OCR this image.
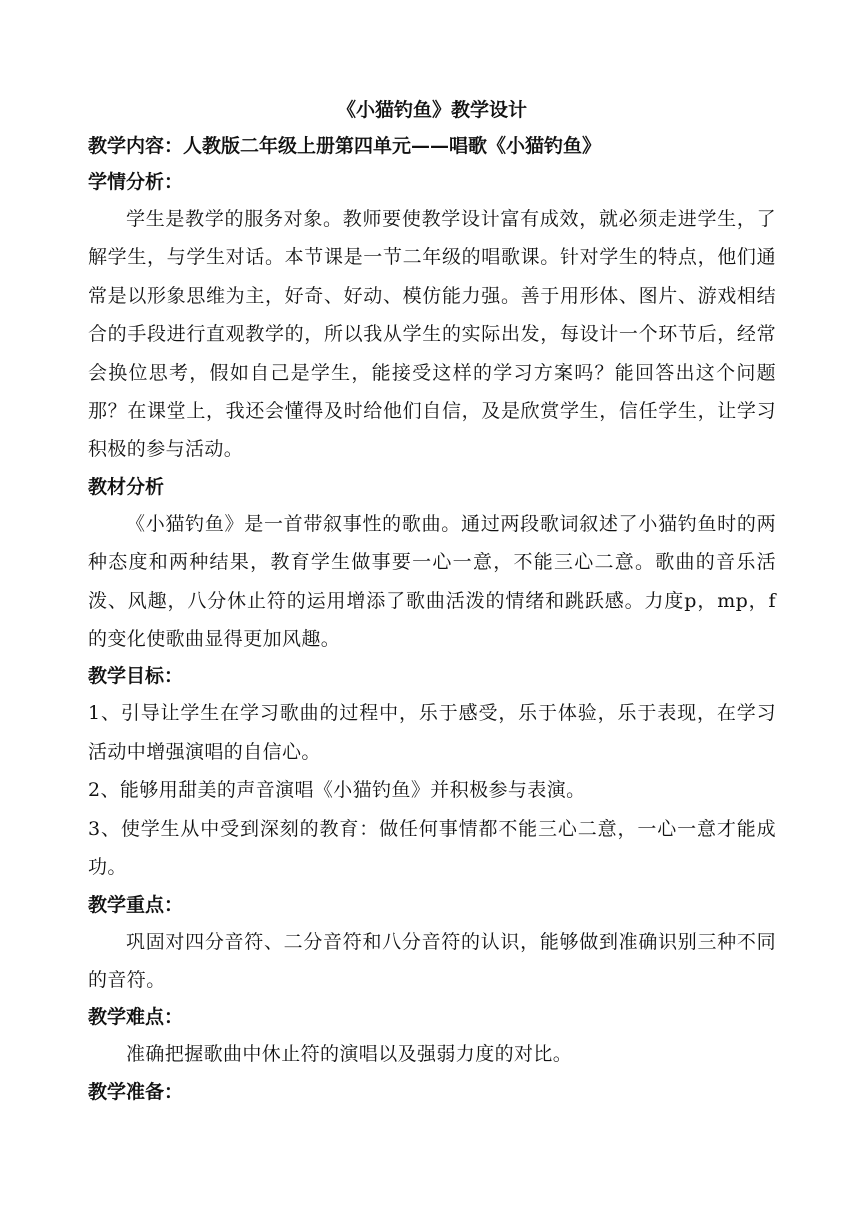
《小猫钓鱼》教学设计

教学内容：人教版二年级上册第四单元——唱歌《小猫钓鱼》

学情分析：

学生是教学的服务对象。教师要使教学设计富有成效，就必须走进学生，了解学生，与学生对话。本节课是一节二年级的唱歌课。针对学生的特点，他们通常是以形象思维为主，好奇、好动、模仿能力强。善于用形体、图片、游戏相结合的手段进行直观教学的，所以我从学生的实际出发，每设计一个环节后，经常会换位思考，假如自己是学生，能接受这样的学习方案吗？能回答出这个问题那？在课堂上，我还会懂得及时给他们自信，及是欣赏学生，信任学生，让学习积极的参与活动。

教材分析

《小猫钓鱼》是一首带叙事性的歌曲。通过两段歌词叙述了小猫钓鱼时的两种态度和两种结果，教育学生做事要一心一意，不能三心二意。歌曲的音乐活泼、风趣，八分休止符的运用增添了歌曲活泼的情绪和跳跃感。力度p，mp，f的变化使歌曲显得更加风趣。

教学目标：

1、引导让学生在学习歌曲的过程中，乐于感受，乐于体验，乐于表现，在学习活动中增强演唱的自信心。

2、能够用甜美的声音演唱《小猫钓鱼》并积极参与表演。

3、使学生从中受到深刻的教育：做任何事情都不能三心二意，一心一意才能成功。

教学重点：

巩固对四分音符、二分音符和八分音符的认识，能够做到准确识别三种不同的音符。

教学难点：

准确把握歌曲中休止符的演唱以及强弱力度的对比。

教学准备：
